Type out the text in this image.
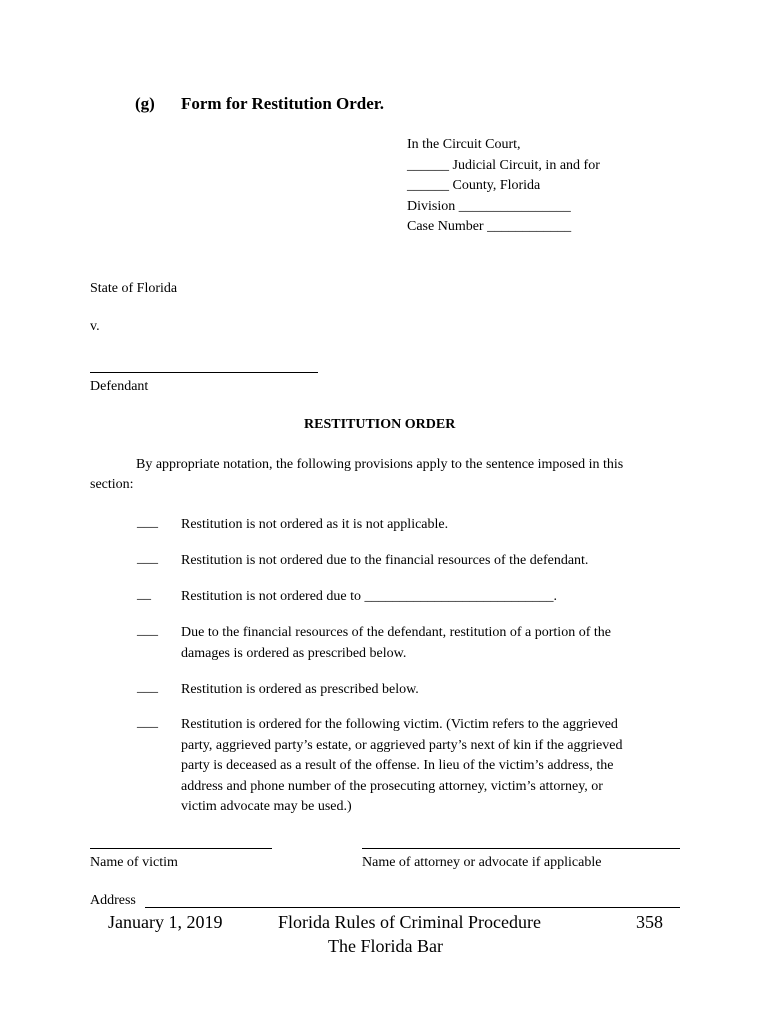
(g) Form for Restitution Order.
In the Circuit Court,
______ Judicial Circuit, in and for
______ County, Florida
Division ________________
Case Number ____________
State of Florida
v.
Defendant
RESTITUTION ORDER
By appropriate notation, the following provisions apply to the sentence imposed in this
section:
___ Restitution is not ordered as it is not applicable.
___ Restitution is not ordered due to the financial resources of the defendant.
__ Restitution is not ordered due to ___________________________.
___ Due to the financial resources of the defendant, restitution of a portion of the
damages is ordered as prescribed below.
___ Restitution is ordered as prescribed below.
___ Restitution is ordered for the following victim. (Victim refers to the aggrieved
party, aggrieved party’s estate, or aggrieved party’s next of kin if the aggrieved
party is deceased as a result of the offense. In lieu of the victim’s address, the
address and phone number of the prosecuting attorney, victim’s attorney, or
victim advocate may be used.)
Name of victim	Name of attorney or advocate if applicable
Address
January 1, 2019	Florida Rules of Criminal Procedure	358
The Florida Bar
